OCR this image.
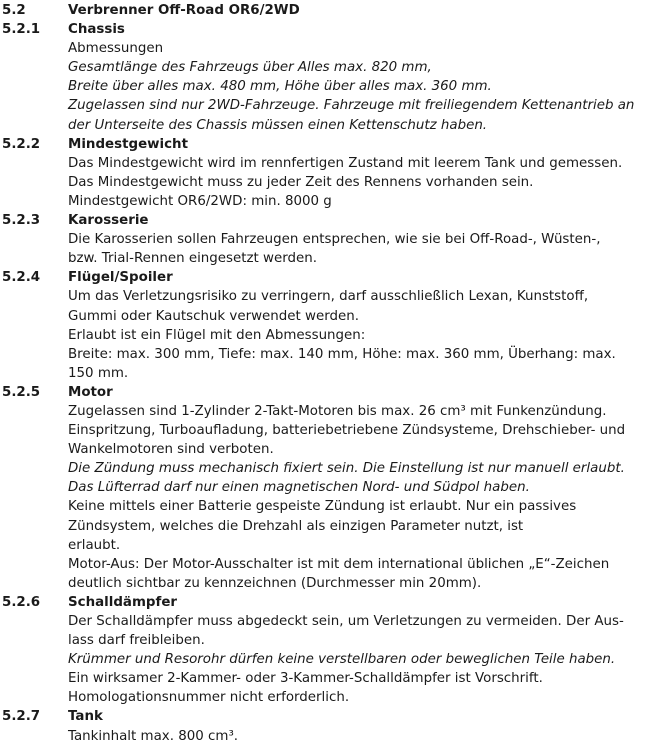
5.2	Verbrenner Off-Road OR6/2WD
5.2.1	Chassis
Abmessungen
Gesamtlänge des Fahrzeugs über Alles max. 820 mm,
Breite über alles max. 480 mm, Höhe über alles max. 360 mm.
Zugelassen sind nur 2WD-Fahrzeuge. Fahrzeuge mit freiliegendem Kettenantrieb an
der Unterseite des Chassis müssen einen Kettenschutz haben.
5.2.2	Mindestgewicht
Das Mindestgewicht wird im rennfertigen Zustand mit leerem Tank und gemessen.
Das Mindestgewicht muss zu jeder Zeit des Rennens vorhanden sein.
Mindestgewicht OR6/2WD: min. 8000 g
5.2.3	Karosserie
Die Karosserien sollen Fahrzeugen entsprechen, wie sie bei Off-Road-, Wüsten-,
bzw. Trial-Rennen eingesetzt werden.
5.2.4	Flügel/Spoiler
Um das Verletzungsrisiko zu verringern, darf ausschließlich Lexan, Kunststoff,
Gummi oder Kautschuk verwendet werden.
Erlaubt ist ein Flügel mit den Abmessungen:
Breite: max. 300 mm, Tiefe: max. 140 mm, Höhe: max. 360 mm, Überhang: max.
150 mm.
5.2.5	Motor
Zugelassen sind 1-Zylinder 2-Takt-Motoren bis max. 26 cm³ mit Funkenzündung.
Einspritzung, Turboaufladung, batteriebetriebene Zündsysteme, Drehschieber- und
Wankelmotoren sind verboten.
Die Zündung muss mechanisch fixiert sein. Die Einstellung ist nur manuell erlaubt.
Das Lüfterrad darf nur einen magnetischen Nord- und Südpol haben.
Keine mittels einer Batterie gespeiste Zündung ist erlaubt. Nur ein passives
Zündsystem, welches die Drehzahl als einzigen Parameter nutzt, ist
erlaubt.
Motor-Aus: Der Motor-Ausschalter ist mit dem international üblichen „E“-Zeichen
deutlich sichtbar zu kennzeichnen (Durchmesser min 20mm).
5.2.6	Schalldämpfer
Der Schalldämpfer muss abgedeckt sein, um Verletzungen zu vermeiden. Der Aus-
lass darf freibleiben.
Krümmer und Resorohr dürfen keine verstellbaren oder beweglichen Teile haben.
Ein wirksamer 2-Kammer- oder 3-Kammer-Schalldämpfer ist Vorschrift.
Homologationsnummer nicht erforderlich.
5.2.7	Tank
Tankinhalt max. 800 cm³.
